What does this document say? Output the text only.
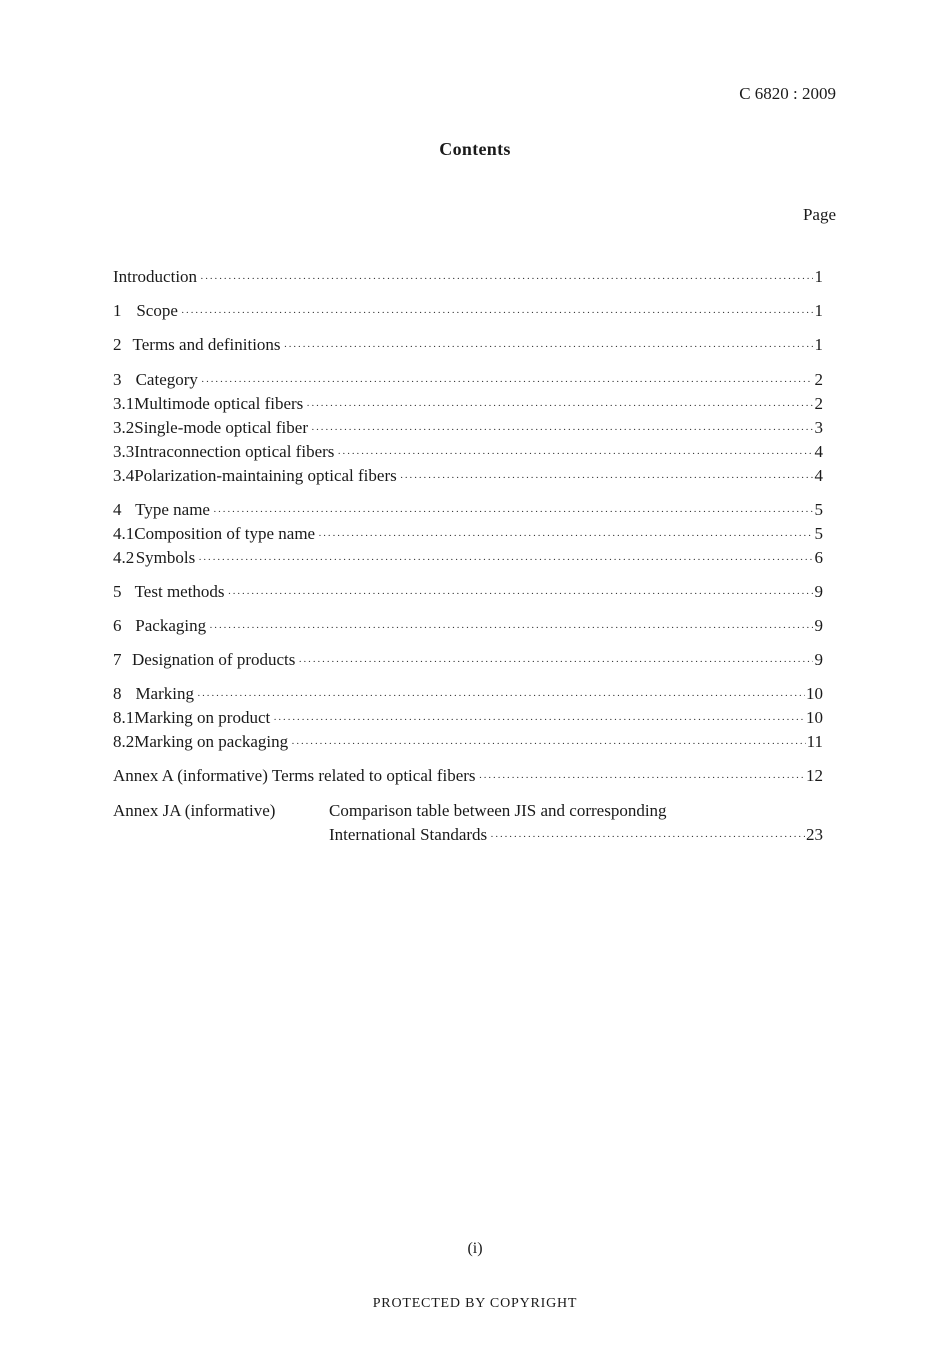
C 6820 : 2009
Contents
Page
Introduction ·····	1
1 Scope ·····	1
2 Terms and definitions ·····	1
3 Category ·····	2
3.1 Multimode optical fibers ·····	2
3.2 Single-mode optical fiber ·····	3
3.3 Intraconnection optical fibers ·····	4
3.4 Polarization-maintaining optical fibers ·····	4
4 Type name ·····	5
4.1 Composition of type name ·····	5
4.2 Symbols ·····	6
5 Test methods ·····	9
6 Packaging ·····	9
7 Designation of products ·····	9
8 Marking ·····	10
8.1 Marking on product ·····	10
8.2 Marking on packaging ·····	11
Annex A (informative) Terms related to optical fibers ·····	12
Annex JA (informative)	Comparison table between JIS and corresponding
International Standards ·····	23
(i)
PROTECTED BY COPYRIGHT
